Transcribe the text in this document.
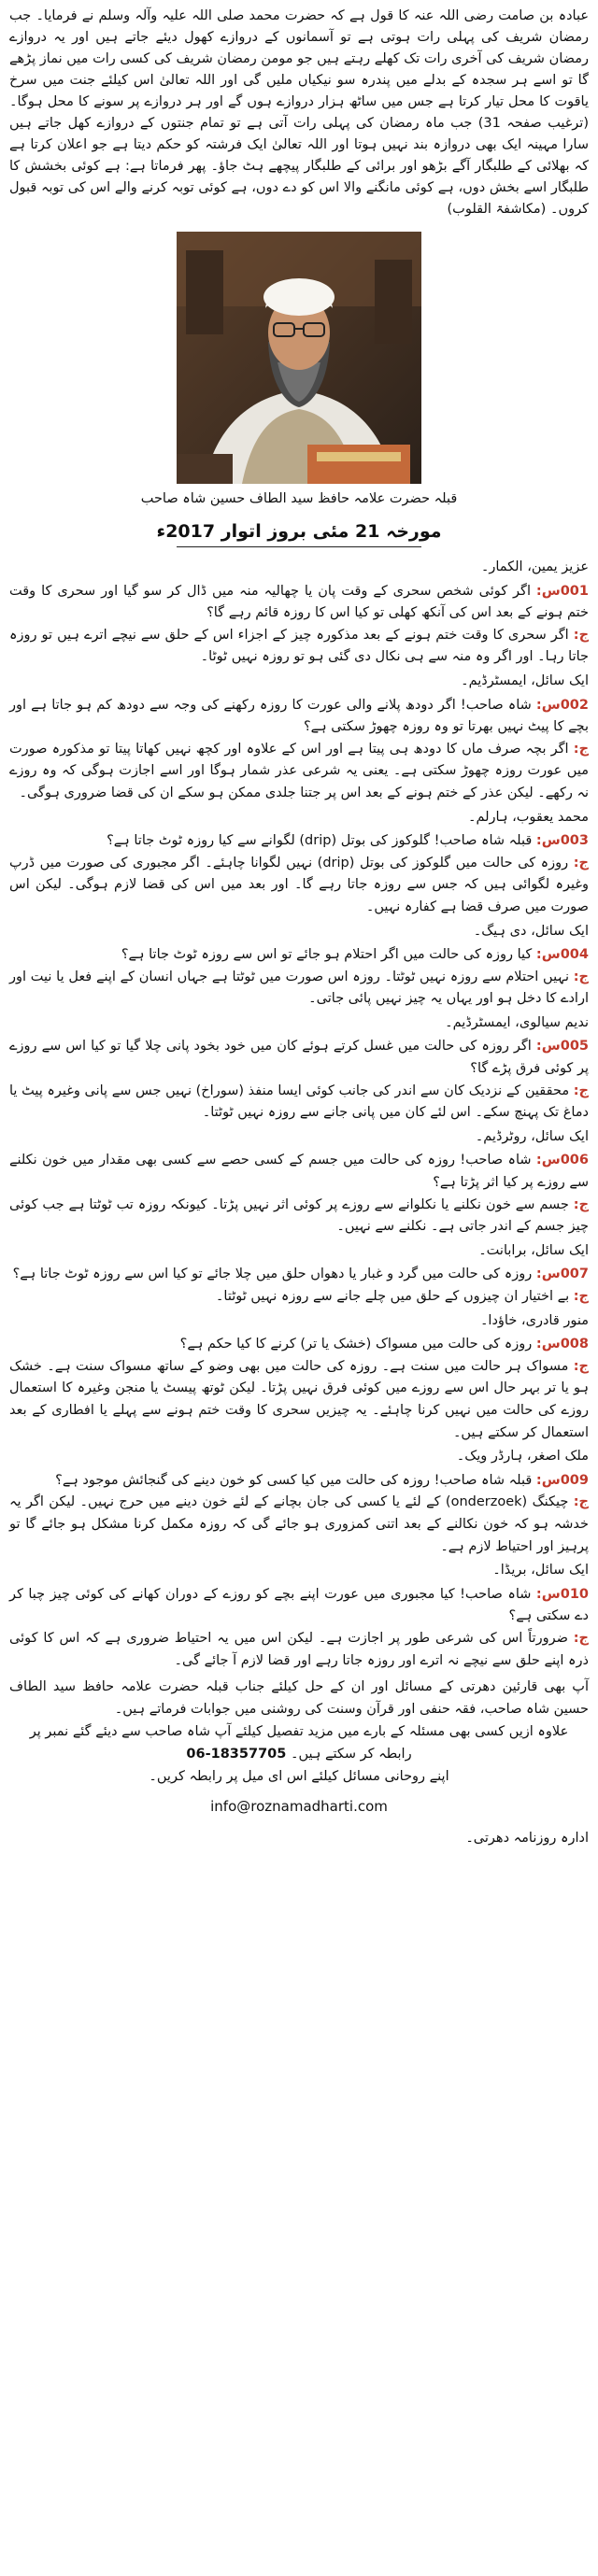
عبادہ بن صامت رضی اللہ عنہ کا قول ہے کہ حضرت محمد صلی اللہ علیہ وآلہ وسلم نے فرمایا۔ جب رمضان شریف کی پہلی رات ہوتی ہے تو آسمانوں کے دروازے کھول دیئے جاتے ہیں اور یہ دروازے رمضان شریف کی آخری رات تک کھلے رہتے ہیں جو مومن رمضان شریف کی کسی رات میں نماز پڑھے گا تو اسے ہر سجدہ کے بدلے میں پندرہ سو نیکیاں ملیں گی اور اللہ تعالیٰ اس کیلئے جنت میں سرخ یاقوت کا محل تیار کرتا ہے جس میں ساٹھ ہزار دروازے ہوں گے اور ہر دروازے پر سونے کا محل ہوگا۔ (ترغیب صفحہ 31) جب ماہ رمضان کی پہلی رات آتی ہے تو تمام جنتوں کے دروازے کھل جاتے ہیں سارا مہینہ ایک بھی دروازہ بند نہیں ہوتا اور اللہ تعالیٰ ایک فرشتہ کو حکم دیتا ہے جو اعلان کرتا ہے کہ بھلائی کے طلبگار آگے بڑھو اور برائی کے طلبگار پیچھے ہٹ جاؤ۔ پھر فرماتا ہے: ہے کوئی بخشش کا طلبگار اسے بخش دوں، ہے کوئی مانگنے والا اس کو دے دوں، ہے کوئی توبہ کرنے والے اس کی توبہ قبول کروں۔ (مکاشفۃ القلوب)

قبلہ حضرت علامہ حافظ سید الطاف حسین شاہ صاحب

مورخہ 21 مئی بروز اتوار 2017ء

عزیز یمین، الکمار۔

001س: اگر کوئی شخص سحری کے وقت پان یا چھالیہ منہ میں ڈال کر سو گیا اور سحری کا وقت ختم ہونے کے بعد اس کی آنکھ کھلی تو کیا اس کا روزہ قائم رہے گا؟

ج: اگر سحری کا وقت ختم ہونے کے بعد مذکورہ چیز کے اجزاء اس کے حلق سے نیچے اترے ہیں تو روزہ جاتا رہا۔ اور اگر وہ منہ سے ہی نکال دی گئی ہو تو روزہ نہیں ٹوٹا۔

ایک سائل، ایمسٹرڈیم۔

002س: شاہ صاحب! اگر دودھ پلانے والی عورت کا روزہ رکھنے کی وجہ سے دودھ کم ہو جاتا ہے اور بچے کا پیٹ نہیں بھرتا تو وہ روزہ چھوڑ سکتی ہے؟

ج: اگر بچہ صرف ماں کا دودھ ہی پیتا ہے اور اس کے علاوہ اور کچھ نہیں کھاتا پیتا تو مذکورہ صورت میں عورت روزہ چھوڑ سکتی ہے۔ یعنی یہ شرعی عذر شمار ہوگا اور اسے اجازت ہوگی کہ وہ روزے نہ رکھے۔ لیکن عذر کے ختم ہونے کے بعد اس پر جتنا جلدی ممکن ہو سکے ان کی قضا ضروری ہوگی۔

محمد یعقوب، ہارلم۔

003س: قبلہ شاہ صاحب! گلوکوز کی بوتل (drip) لگوانے سے کیا روزہ ٹوٹ جاتا ہے؟

ج: روزہ کی حالت میں گلوکوز کی بوتل (drip) نہیں لگوانا چاہئے۔ اگر مجبوری کی صورت میں ڈرپ وغیرہ لگوائی ہیں کہ جس سے روزہ جاتا رہے گا۔ اور بعد میں اس کی قضا لازم ہوگی۔ لیکن اس صورت میں صرف قضا ہے کفارہ نہیں۔

ایک سائل، دی ہیگ۔

004س: کیا روزہ کی حالت میں اگر احتلام ہو جائے تو اس سے روزہ ٹوٹ جاتا ہے؟

ج: نہیں احتلام سے روزہ نہیں ٹوٹتا۔ روزہ اس صورت میں ٹوٹتا ہے جہاں انسان کے اپنے فعل یا نیت اور ارادے کا دخل ہو اور یہاں یہ چیز نہیں پائی جاتی۔

ندیم سیالوی، ایمسٹرڈیم۔

005س: اگر روزہ کی حالت میں غسل کرتے ہوئے کان میں خود بخود پانی چلا گیا تو کیا اس سے روزے پر کوئی فرق پڑے گا؟

ج: محققین کے نزدیک کان سے اندر کی جانب کوئی ایسا منفذ (سوراخ) نہیں جس سے پانی وغیرہ پیٹ یا دماغ تک پہنچ سکے۔ اس لئے کان میں پانی جانے سے روزہ نہیں ٹوٹتا۔

ایک سائل، روٹرڈیم۔

006س: شاہ صاحب! روزہ کی حالت میں جسم کے کسی حصے سے کسی بھی مقدار میں خون نکلنے سے روزے پر کیا اثر پڑتا ہے؟

ج: جسم سے خون نکلنے یا نکلوانے سے روزے پر کوئی اثر نہیں پڑتا۔ کیونکہ روزہ تب ٹوٹتا ہے جب کوئی چیز جسم کے اندر جاتی ہے۔ نکلنے سے نہیں۔

ایک سائل، برابانت۔

007س: روزہ کی حالت میں گرد و غبار یا دھواں حلق میں چلا جائے تو کیا اس سے روزہ ٹوٹ جاتا ہے؟

ج: بے اختیار ان چیزوں کے حلق میں چلے جانے سے روزہ نہیں ٹوٹتا۔

منور قادری، خاؤدا۔

008س: روزہ کی حالت میں مسواک (خشک یا تر) کرنے کا کیا حکم ہے؟

ج: مسواک ہر حالت میں سنت ہے۔ روزہ کی حالت میں بھی وضو کے ساتھ مسواک سنت ہے۔ خشک ہو یا تر بہر حال اس سے روزے میں کوئی فرق نہیں پڑتا۔ لیکن ٹوتھ پیسٹ یا منجن وغیرہ کا استعمال روزے کی حالت میں نہیں کرنا چاہئے۔ یہ چیزیں سحری کا وقت ختم ہونے سے پہلے یا افطاری کے بعد استعمال کر سکتے ہیں۔

ملک اصغر، ہارڈر ویک۔

009س: قبلہ شاہ صاحب! روزہ کی حالت میں کیا کسی کو خون دینے کی گنجائش موجود ہے؟

ج: چیکنگ (onderzoek) کے لئے یا کسی کی جان بچانے کے لئے خون دینے میں حرج نہیں۔ لیکن اگر یہ خدشہ ہو کہ خون نکالنے کے بعد اتنی کمزوری ہو جائے گی کہ روزہ مکمل کرنا مشکل ہو جائے گا تو پرہیز اور احتیاط لازم ہے۔

ایک سائل، بریڈا۔

010س: شاہ صاحب! کیا مجبوری میں عورت اپنے بچے کو روزے کے دوران کھانے کی کوئی چیز چبا کر دے سکتی ہے؟

ج: ضرورتاً اس کی شرعی طور پر اجازت ہے۔ لیکن اس میں یہ احتیاط ضروری ہے کہ اس کا کوئی ذرہ اپنے حلق سے نیچے نہ اترے اور روزہ جاتا رہے اور قضا لازم آ جائے گی۔

آپ بھی قارئین دھرتی کے مسائل اور ان کے حل کیلئے جناب قبلہ حضرت علامہ حافظ سید الطاف حسین شاہ صاحب، فقہ حنفی اور قرآن وسنت کی روشنی میں جوابات فرماتے ہیں۔

علاوہ ازیں کسی بھی مسئلہ کے بارے میں مزید تفصیل کیلئے آپ شاہ صاحب سے دیئے گئے نمبر پر

رابطہ کر سکتے ہیں۔ 06-18357705

اپنے روحانی مسائل کیلئے اس ای میل پر رابطہ کریں۔

info@roznamadharti.com

ادارہ روزنامہ دھرتی۔
